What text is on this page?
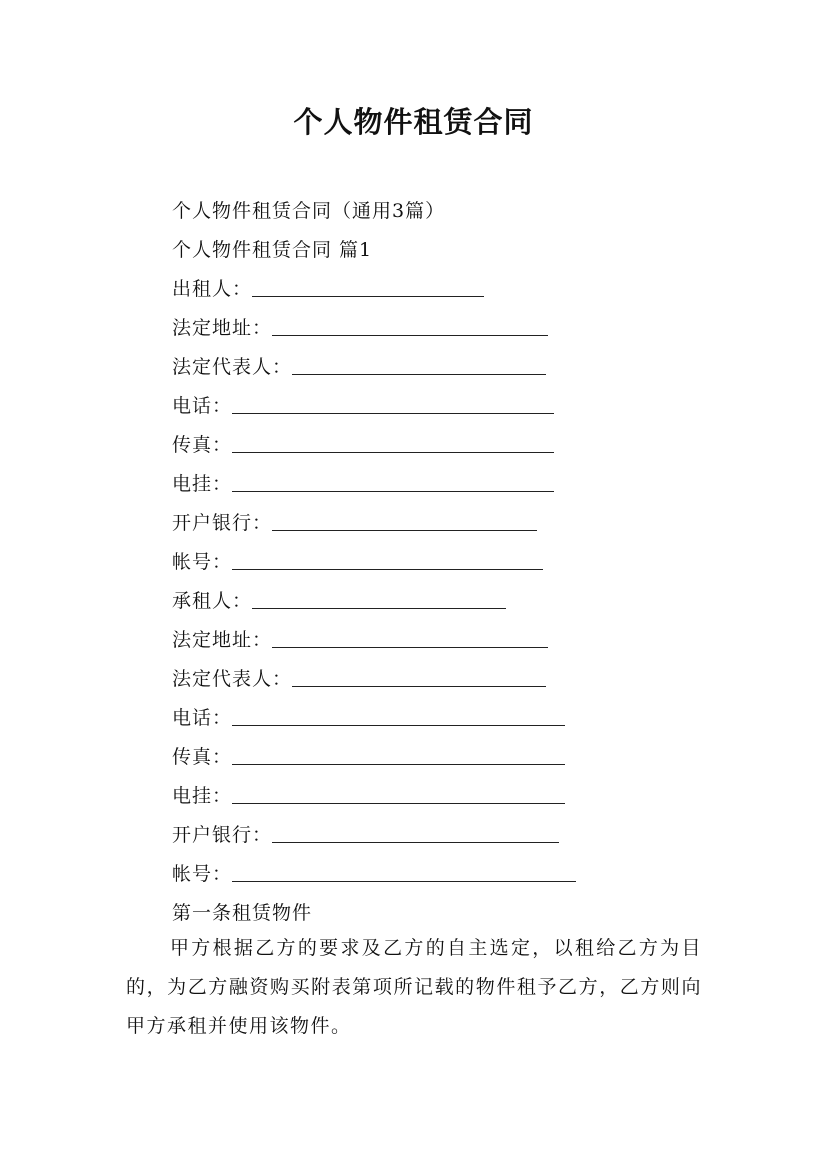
个人物件租赁合同
个人物件租赁合同（通用3篇）
个人物件租赁合同 篇1
出租人：
法定地址：
法定代表人：
电话：
传真：
电挂：
开户银行：
帐号：
承租人：
法定地址：
法定代表人：
电话：
传真：
电挂：
开户银行：
帐号：
第一条租赁物件
甲方根据乙方的要求及乙方的自主选定，以租给乙方为目的，为乙方融资购买附表第项所记载的物件租予乙方，乙方则向甲方承租并使用该物件。
